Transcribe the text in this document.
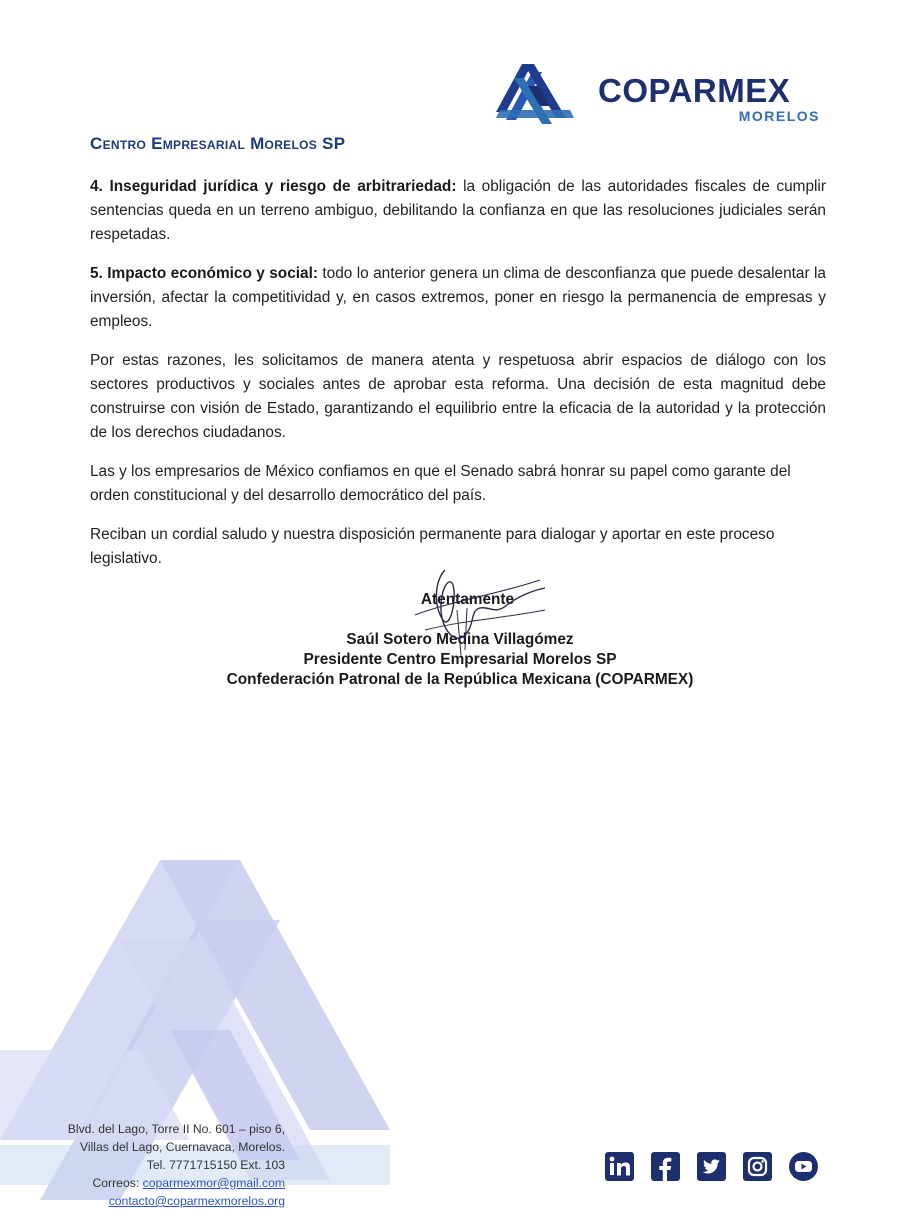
COPARMEX
MORELOS
Centro Empresarial Morelos SP

4. Inseguridad jurídica y riesgo de arbitrariedad: la obligación de las autoridades fiscales de cumplir sentencias queda en un terreno ambiguo, debilitando la confianza en que las resoluciones judiciales serán respetadas.

5. Impacto económico y social: todo lo anterior genera un clima de desconfianza que puede desalentar la inversión, afectar la competitividad y, en casos extremos, poner en riesgo la permanencia de empresas y empleos.

Por estas razones, les solicitamos de manera atenta y respetuosa abrir espacios de diálogo con los sectores productivos y sociales antes de aprobar esta reforma. Una decisión de esta magnitud debe construirse con visión de Estado, garantizando el equilibrio entre la eficacia de la autoridad y la protección de los derechos ciudadanos.

Las y los empresarios de México confiamos en que el Senado sabrá honrar su papel como garante del orden constitucional y del desarrollo democrático del país.

Reciban un cordial saludo y nuestra disposición permanente para dialogar y aportar en este proceso legislativo.

Atentamente
Saúl Sotero Medina Villagómez
Presidente Centro Empresarial Morelos SP
Confederación Patronal de la República Mexicana (COPARMEX)
Blvd. del Lago, Torre II No. 601 – piso 6,
Villas del Lago, Cuernavaca, Morelos.
Tel. 7771715150 Ext. 103
Correos: coparmexmor@gmail.com
contacto@coparmexmorelos.org
